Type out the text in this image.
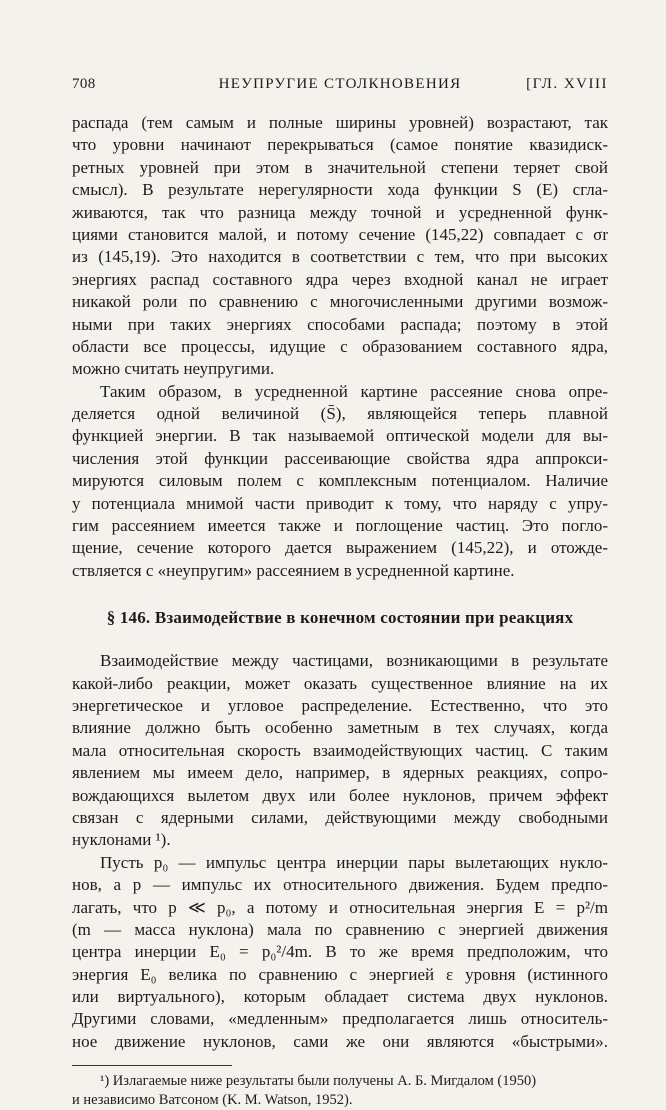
708	НЕУПРУГИЕ СТОЛКНОВЕНИЯ	[ГЛ. XVIII
распада (тем самым и полные ширины уровней) возрастают, так
что уровни начинают перекрываться (самое понятие квазидиск-
ретных уровней при этом в значительной степени теряет свой
смысл). В результате нерегулярности хода функции S (E) сгла-
живаются, так что разница между точной и усредненной функ-
циями становится малой, и потому сечение (145,22) совпадает с σr
из (145,19). Это находится в соответствии с тем, что при высоких
энергиях распад составного ядра через входной канал не играет
никакой роли по сравнению с многочисленными другими возмож-
ными при таких энергиях способами распада; поэтому в этой
области все процессы, идущие с образованием составного ядра,
можно считать неупругими.
Таким образом, в усредненной картине рассеяние снова опре-
деляется одной величиной (S̄), являющейся теперь плавной
функцией энергии. В так называемой оптической модели для вы-
числения этой функции рассеивающие свойства ядра аппрокси-
мируются силовым полем с комплексным потенциалом. Наличие
у потенциала мнимой части приводит к тому, что наряду с упру-
гим рассеянием имеется также и поглощение частиц. Это погло-
щение, сечение которого дается выражением (145,22), и отожде-
ствляется с «неупругим» рассеянием в усредненной картине.
§ 146. Взаимодействие в конечном состоянии при реакциях
Взаимодействие между частицами, возникающими в результате
какой-либо реакции, может оказать существенное влияние на их
энергетическое и угловое распределение. Естественно, что это
влияние должно быть особенно заметным в тех случаях, когда
мала относительная скорость взаимодействующих частиц. С таким
явлением мы имеем дело, например, в ядерных реакциях, сопро-
вождающихся вылетом двух или более нуклонов, причем эффект
связан с ядерными силами, действующими между свободными
нуклонами ¹).
Пусть p₀ — импульс центра инерции пары вылетающих нукло-
нов, а p — импульс их относительного движения. Будем предпо-
лагать, что p ≪ p₀, а потому и относительная энергия E = p²/m
(m — масса нуклона) мала по сравнению с энергией движения
центра инерции E₀ = p₀²/4m. В то же время предположим, что
энергия E₀ велика по сравнению с энергией ε уровня (истинного
или виртуального), которым обладает система двух нуклонов.
Другими словами, «медленным» предполагается лишь относитель-
ное движение нуклонов, сами же они являются «быстрыми».
¹) Излагаемые ниже результаты были получены А. Б. Мигдалом (1950)
и независимо Ватсоном (K. M. Watson, 1952).
